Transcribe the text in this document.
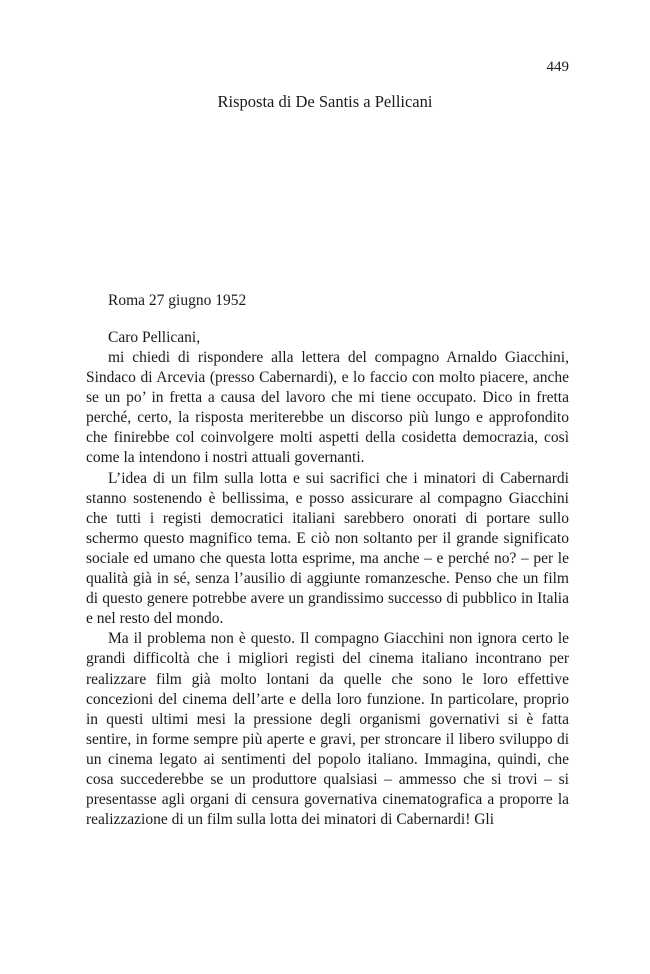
449
Risposta di De Santis a Pellicani
Roma 27 giugno 1952
Caro Pellicani,

mi chiedi di rispondere alla lettera del compagno Arnaldo Giacchini, Sindaco di Arcevia (presso Cabernardi), e lo faccio con molto piacere, anche se un po’ in fretta a causa del lavoro che mi tiene occupato. Dico in fretta perché, certo, la risposta meriterebbe un discorso più lungo e approfondito che finirebbe col coinvolgere molti aspetti della cosidetta democrazia, così come la intendono i nostri attuali governanti.

L’idea di un film sulla lotta e sui sacrifici che i minatori di Cabernardi stanno sostenendo è bellissima, e posso assicurare al compagno Giacchini che tutti i registi democratici italiani sarebbero onorati di portare sullo schermo questo magnifico tema. E ciò non soltanto per il grande significato sociale ed umano che questa lotta esprime, ma anche – e perché no? – per le qualità già in sé, senza l’ausilio di aggiunte romanzesche. Penso che un film di questo genere potrebbe avere un grandissimo successo di pubblico in Italia e nel resto del mondo.

Ma il problema non è questo. Il compagno Giacchini non ignora certo le grandi difficoltà che i migliori registi del cinema italiano incontrano per realizzare film già molto lontani da quelle che sono le loro effettive concezioni del cinema dell’arte e della loro funzione. In particolare, proprio in questi ultimi mesi la pressione degli organismi governativi si è fatta sentire, in forme sempre più aperte e gravi, per stroncare il libero sviluppo di un cinema legato ai sentimenti del popolo italiano. Immagina, quindi, che cosa succederebbe se un produttore qualsiasi – ammesso che si trovi – si presentasse agli organi di censura governativa cinematografica a proporre la realizzazione di un film sulla lotta dei minatori di Cabernardi! Gli
